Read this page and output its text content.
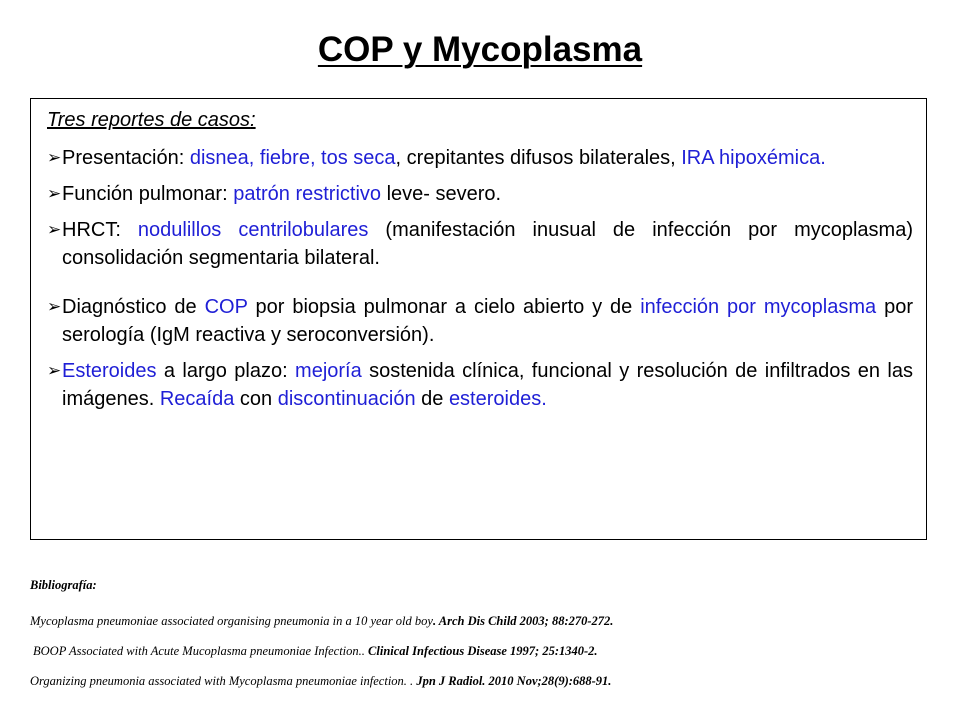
COP y Mycoplasma

Tres reportes de casos:

➢ Presentación: disnea, fiebre, tos seca, crepitantes difusos bilaterales, IRA hipoxémica.

➢ Función pulmonar: patrón restrictivo leve- severo.

➢ HRCT: nodulillos centrilobulares (manifestación inusual de infección por mycoplasma) consolidación segmentaria bilateral.

➢ Diagnóstico de COP por biopsia pulmonar a cielo abierto y de infección por mycoplasma por serología (IgM reactiva y seroconversión).

➢ Esteroides a largo plazo: mejoría sostenida clínica, funcional y resolución de infiltrados en las imágenes. Recaída con discontinuación de esteroides.

Bibliografía:
Mycoplasma pneumoniae associated organising pneumonia in a 10 year old boy. Arch Dis Child 2003; 88:270-272.
BOOP Associated with Acute Mucoplasma pneumoniae Infection.. Clinical Infectious Disease 1997; 25:1340-2.
Organizing pneumonia associated with Mycoplasma pneumoniae infection. . Jpn J Radiol. 2010 Nov;28(9):688-91.
